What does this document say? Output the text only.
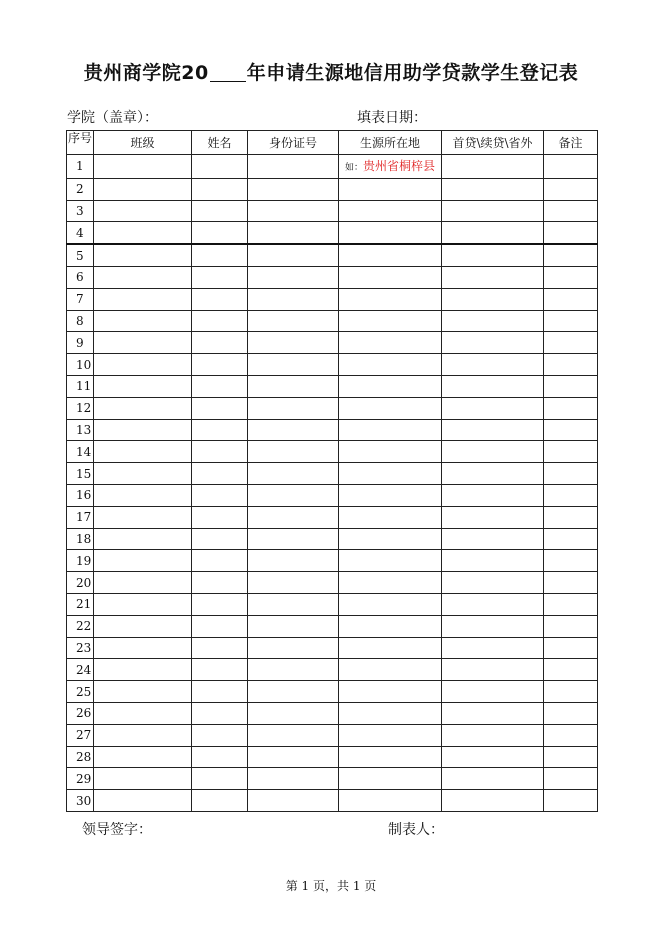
贵州商学院20 年申请生源地信用助学贷款学生登记表
学院（盖章）：	填表日期：
序号	班级	姓名	身份证号	生源所在地	首贷\续贷\省外	备注
1				如：贵州省桐梓县		
2						
3						
4						
5						
6						
7						
8						
9						
10						
11						
12						
13						
14						
15						
16						
17						
18						
19						
20						
21						
22						
23						
24						
25						
26						
27						
28						
29						
30						
领导签字：	制表人：
第 1 页，共 1 页
